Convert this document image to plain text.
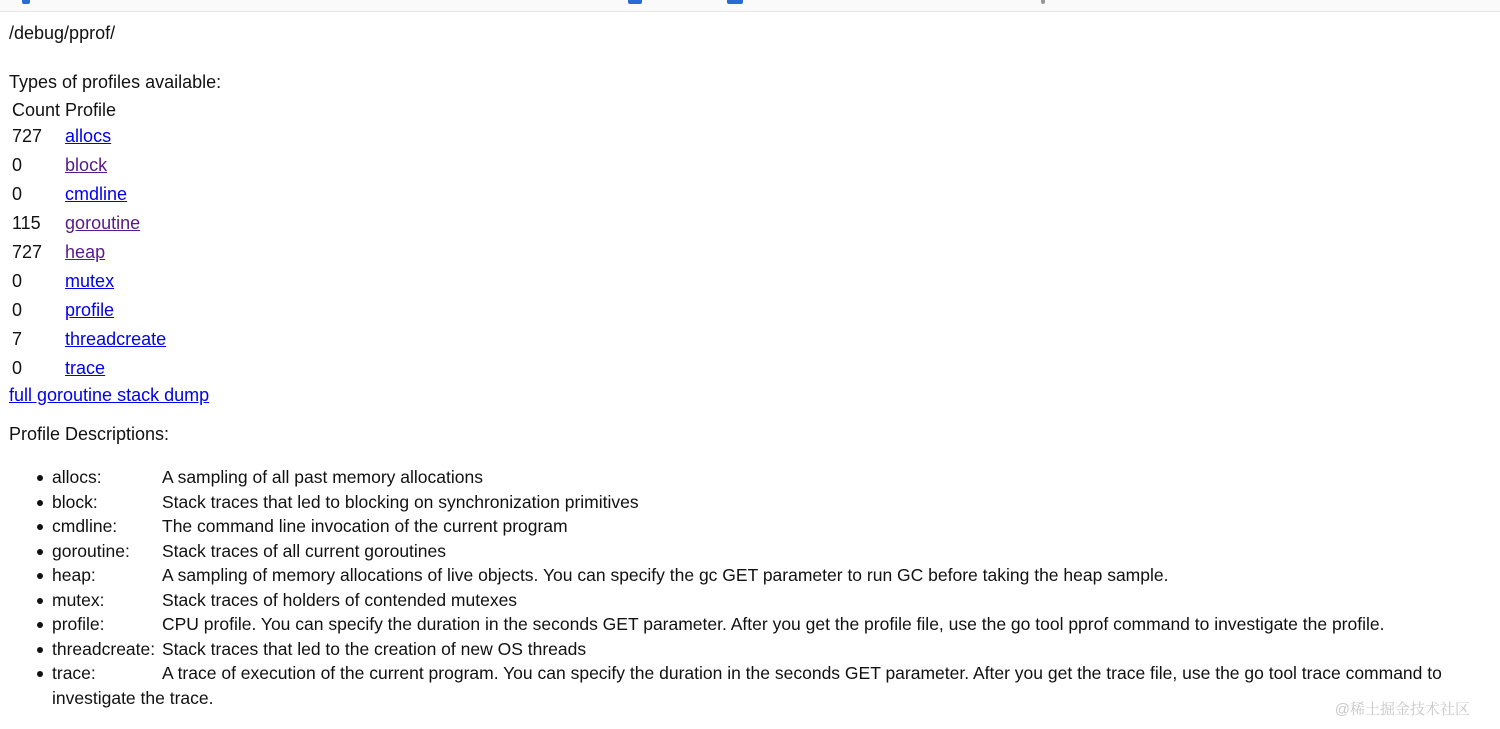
/debug/pprof/
Types of profiles available:
Count	Profile
727	allocs
0	block
0	cmdline
115	goroutine
727	heap
0	mutex
0	profile
7	threadcreate
0	trace
full goroutine stack dump
Profile Descriptions:
allocs:	A sampling of all past memory allocations
block:	Stack traces that led to blocking on synchronization primitives
cmdline:	The command line invocation of the current program
goroutine: Stack traces of all current goroutines
heap:	A sampling of memory allocations of live objects. You can specify the gc GET parameter to run GC before taking the heap sample.
mutex:	Stack traces of holders of contended mutexes
profile:	CPU profile. You can specify the duration in the seconds GET parameter. After you get the profile file, use the go tool pprof command to investigate the profile.
threadcreate: Stack traces that led to the creation of new OS threads
trace:	A trace of execution of the current program. You can specify the duration in the seconds GET parameter. After you get the trace file, use the go tool trace command to
investigate the trace.
@稀土掘金技术社区
